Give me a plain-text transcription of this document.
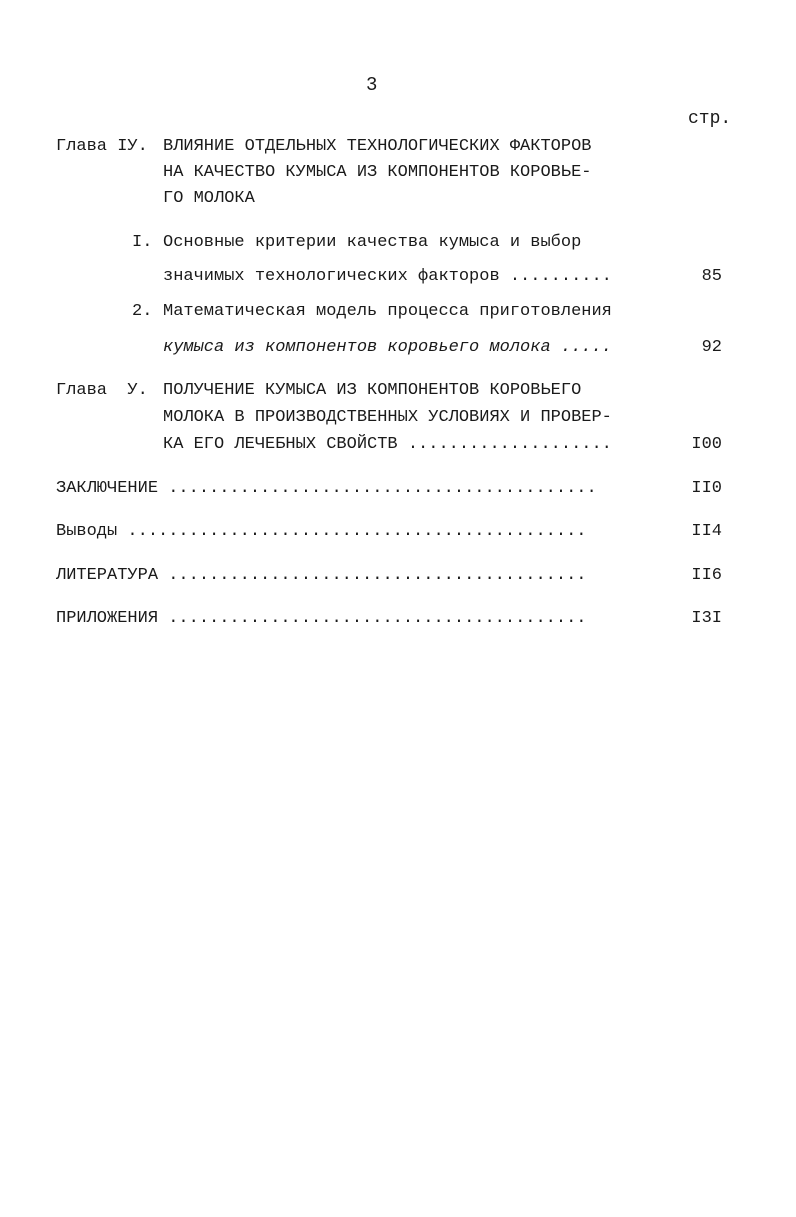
3
стр.
Глава IУ. ВЛИЯНИЕ ОТДЕЛЬНЫХ ТЕХНОЛОГИЧЕСКИХ ФАКТОРОВ
НА КАЧЕСТВО КУМЫСА ИЗ КОМПОНЕНТОВ КОРОВЬЕ-
ГО МОЛОКА
I. Основные критерии качества кумыса и выбор
значимых технологических факторов ..........	85
2. Математическая модель процесса приготовления
кумыса из компонентов коровьего молока .....	92
Глава  У. ПОЛУЧЕНИЕ КУМЫСА ИЗ КОМПОНЕНТОВ КОРОВЬЕГО
МОЛОКА В ПРОИЗВОДСТВЕННЫХ УСЛОВИЯХ И ПРОВЕР-
КА ЕГО ЛЕЧЕБНЫХ СВОЙСТВ ....................	I00
ЗАКЛЮЧЕНИЕ ..........................................	II0
Выводы .............................................	II4
ЛИТЕРАТУРА .........................................	II6
ПРИЛОЖЕНИЯ .........................................	I3I
